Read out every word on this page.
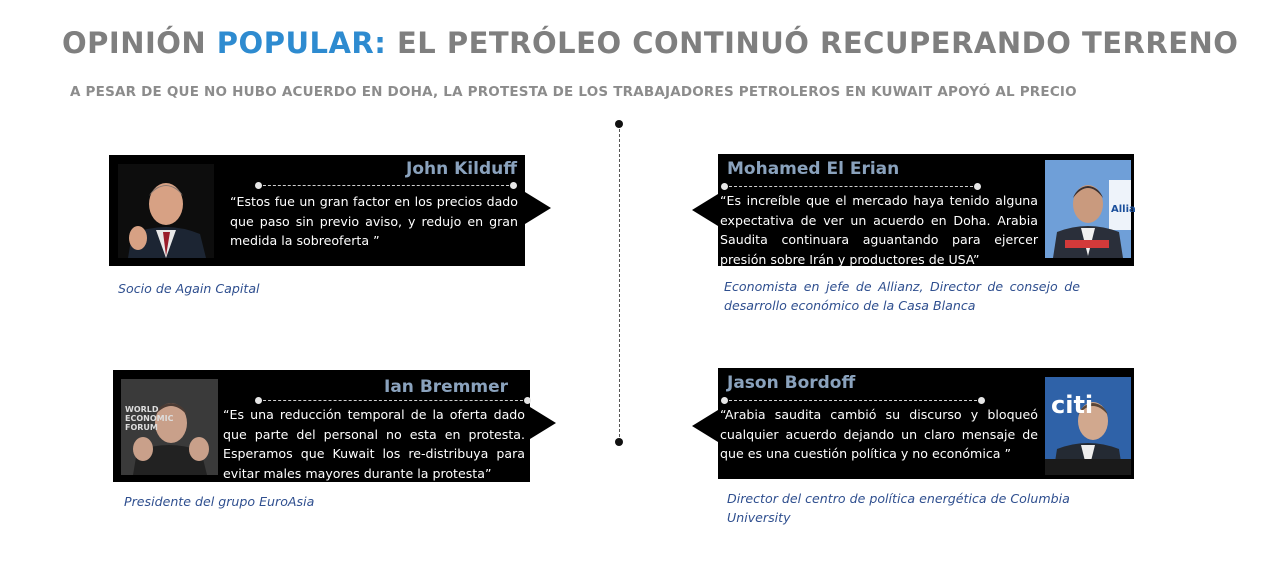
OPINIÓN POPULAR: EL PETRÓLEO CONTINUÓ RECUPERANDO TERRENO
A PESAR DE QUE NO HUBO ACUERDO EN DOHA, LA PROTESTA DE LOS TRABAJADORES PETROLEROS EN KUWAIT APOYÓ AL PRECIO
John Kilduff
“Estos fue un gran factor en los precios dado que paso sin previo aviso, y redujo en gran medida la sobreoferta ”
Socio de Again Capital
Mohamed El Erian
“Es increíble que el mercado haya tenido alguna expectativa de ver un acuerdo en Doha. Arabia Saudita continuara aguantando para ejercer presión sobre Irán y productores de USA”
Allia
Economista en jefe de Allianz, Director de consejo de desarrollo económico de la Casa Blanca
WORLD ECONOMIC FORUM
Ian Bremmer
“Es una reducción temporal de la oferta dado que parte del personal no esta en protesta. Esperamos que Kuwait los re-distribuya para evitar males mayores durante la protesta”
Presidente del grupo EuroAsia
Jason Bordoff
“Arabia saudita cambió su discurso y bloqueó cualquier acuerdo dejando un claro mensaje de que es una cuestión política y no económica ”
citi
Director del centro de política energética de Columbia University
